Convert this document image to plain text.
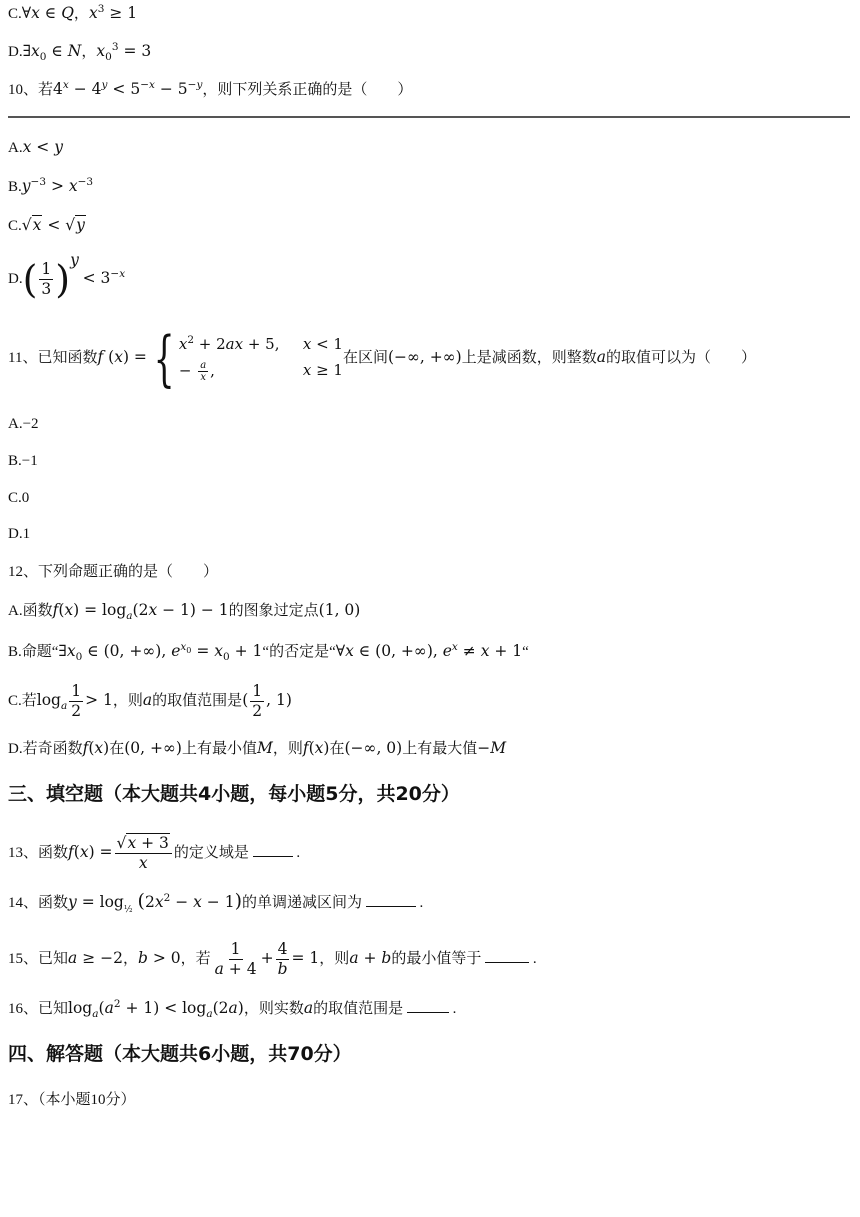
C.∀x ∈ Q，$x^3 \ge 1$
$D.\exists x_0$ ∈ N，$x_0^3 = 3$
10、若$4^x - 4^y < 5^{-x} - 5^{-y}$，则下列关系正确的是（　　）
A.x < y
$B.y^{-3} > x^{-3}$
C.√x < √y
$D.( \frac{1}{3} )^y < 3^{-x}$
11、已知函数f (x) = { $x^2 + 2ax + 5$,	x < 1
− $\frac{a}{x}$ ,	x ≥ 1
在区间(−∞, +∞)上是减函数，则整数a的取值可以为（　　）
A.−2
B.−1
C.0
D.1
12、下列命题正确的是（　　）
A.函数$f(x) = \log_a(2x - 1) - 1$的图象过定点(1, 0)
B.命题“$\exists x_0$ ∈ (0, +∞), $e^{x_0} = x_0$ + 1“的否定是“∀x ∈ (0, +∞), $e^x \ne x$ + 1“
C.若$\log_a \frac{1}{2} > 1$，则a的取值范围是( $\frac{1}{2}$ , 1)
D.若奇函数f(x)在(0, +∞)上有最小值M，则f(x)在(−∞, 0)上有最大值−M
三、填空题（本大题共4小题，每小题5分，共20分）
13、函数$f(x) = \frac{√x + 3}{x}$ 的定义域是	.
14、函数$y = \log_{\frac{1}{2}} (2x^2 - x - 1)$的单调递减区间为	.
15、已知a ≥ −2，b > 0，若 $\frac{1}{a + 4} + \frac{4}{b} = 1$，则a + b的最小值等于	.
16、已知$\log_a(a^2 + 1) < \log_a(2a)$，则实数a的取值范围是	.
四、解答题（本大题共6小题，共70分）
17、（本小题10分）
